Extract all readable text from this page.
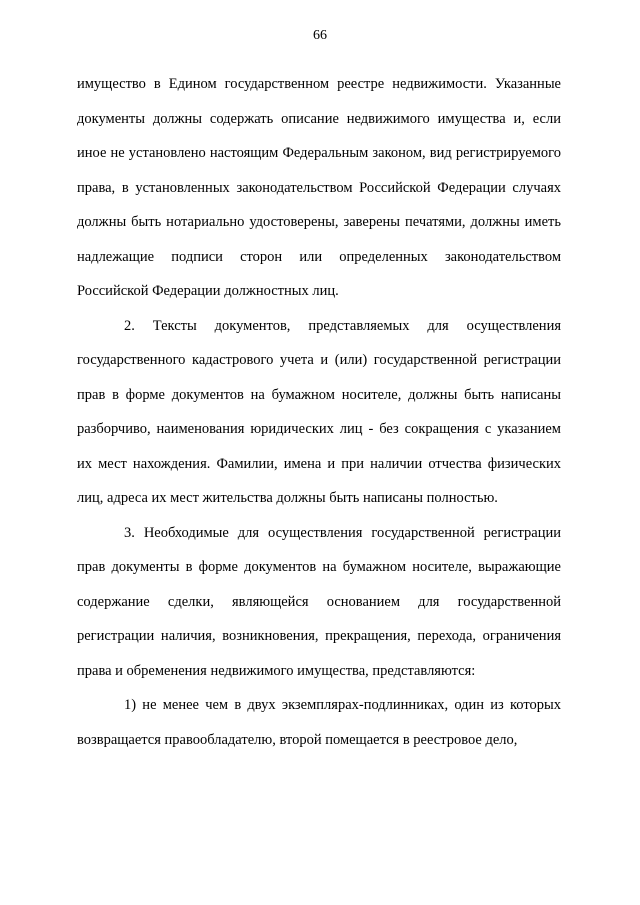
66

имущество в Едином государственном реестре недвижимости. Указанные документы должны содержать описание недвижимого имущества и, если иное не установлено настоящим Федеральным законом, вид регистрируемого права, в установленных законодательством Российской Федерации случаях должны быть нотариально удостоверены, заверены печатями, должны иметь надлежащие подписи сторон или определенных законодательством Российской Федерации должностных лиц.

2. Тексты документов, представляемых для осуществления государственного кадастрового учета и (или) государственной регистрации прав в форме документов на бумажном носителе, должны быть написаны разборчиво, наименования юридических лиц - без сокращения с указанием их мест нахождения. Фамилии, имена и при наличии отчества физических лиц, адреса их мест жительства должны быть написаны полностью.

3. Необходимые для осуществления государственной регистрации прав документы в форме документов на бумажном носителе, выражающие содержание сделки, являющейся основанием для государственной регистрации наличия, возникновения, прекращения, перехода, ограничения права и обременения недвижимого имущества, представляются:

1) не менее чем в двух экземплярах-подлинниках, один из которых возвращается правообладателю, второй помещается в реестровое дело,
